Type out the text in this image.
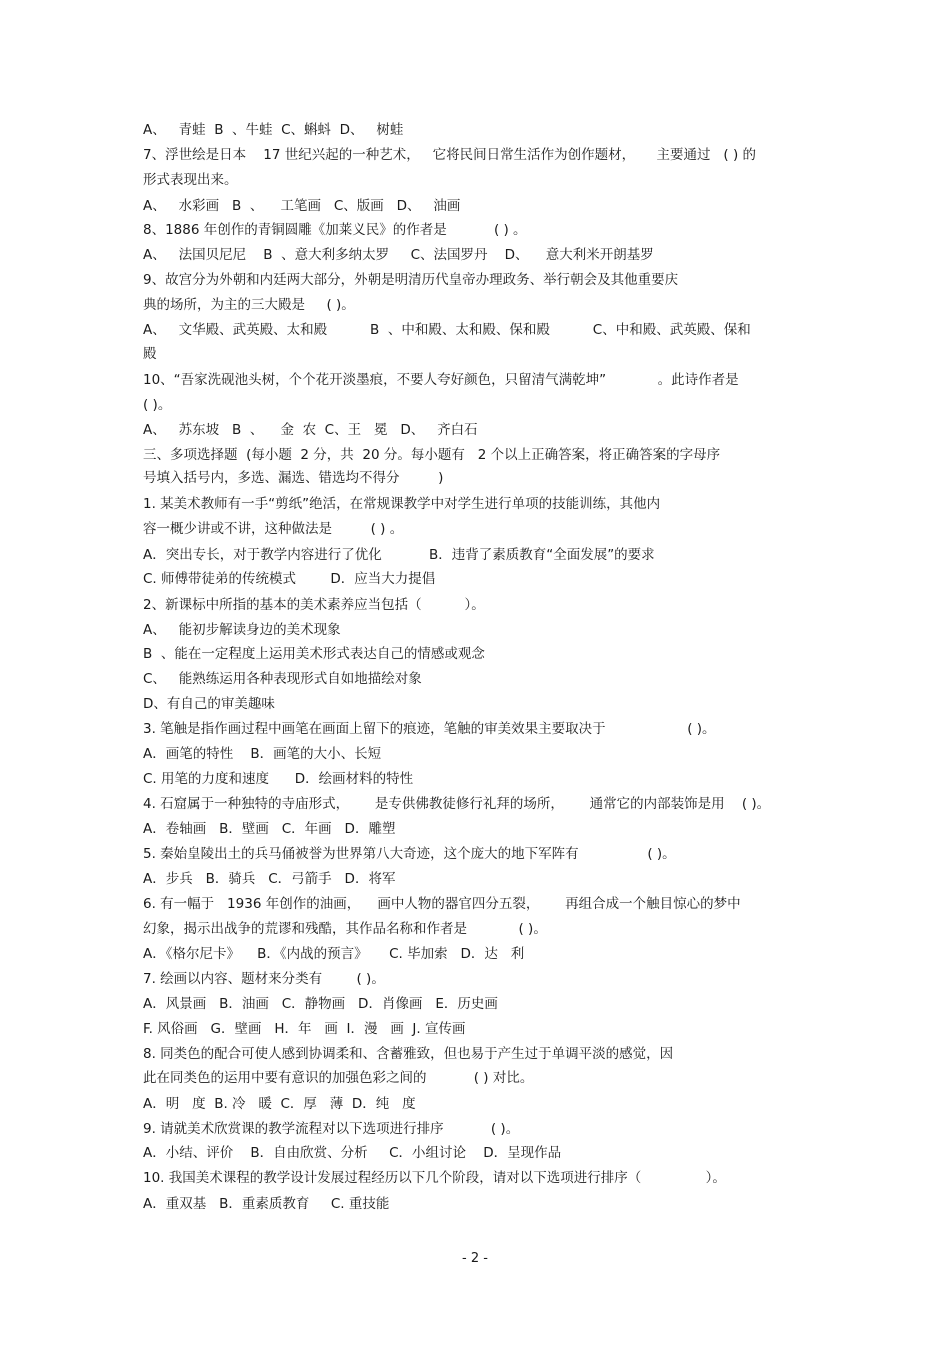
A、   青蛙  B  、牛蛙  C、蝌蚪  D、   树蛙
7、浮世绘是日本    17 世纪兴起的一种艺术，   它将民间日常生活作为创作题材，     主要通过   ( ) 的
形式表现出来。
A、   水彩画   B  、    工笔画   C、版画   D、   油画
8、1886 年创作的青铜圆雕《加莱义民》的作者是           ( ) 。
A、   法国贝尼尼    B  、意大利多纳太罗     C、法国罗丹    D、    意大利米开朗基罗
9、故宫分为外朝和内廷两大部分，外朝是明清历代皇帝办理政务、举行朝会及其他重要庆
典的场所，为主的三大殿是     ( )。
A、   文华殿、武英殿、太和殿          B  、中和殿、太和殿、保和殿          C、中和殿、武英殿、保和
殿
10、“吾家洗砚池头树，个个花开淡墨痕，不要人夸好颜色，只留清气满乾坤”            。此诗作者是
( )。
A、   苏东坡   B  、    金  农  C、王   冕   D、   齐白石
三、多项选择题  (每小题  2 分，共  20 分。每小题有   2 个以上正确答案，将正确答案的字母序
号填入括号内，多选、漏选、错选均不得分         )
1. 某美术教师有一手“剪纸”绝活，在常规课教学中对学生进行单项的技能训练，其他内
容一概少讲或不讲，这种做法是         ( ) 。
A．突出专长，对于教学内容进行了优化           B．违背了素质教育“全面发展”的要求
C. 师傅带徒弟的传统模式        D．应当大力提倡
2、新课标中所指的基本的美术素养应当包括（          ）。
A、   能初步解读身边的美术现象
B  、能在一定程度上运用美术形式表达自己的情感或观念
C、   能熟练运用各种表现形式自如地描绘对象
D、有自己的审美趣味
3. 笔触是指作画过程中画笔在画面上留下的痕迹，笔触的审美效果主要取决于                   ( )。
A．画笔的特性    B．画笔的大小、长短
C. 用笔的力度和速度      D．绘画材料的特性
4. 石窟属于一种独特的寺庙形式，      是专供佛教徒修行礼拜的场所，      通常它的内部装饰是用    ( )。
A．卷轴画   B．壁画   C．年画   D．雕塑
5. 秦始皇陵出土的兵马俑被誉为世界第八大奇迹，这个庞大的地下军阵有                ( )。
A．步兵   B．骑兵   C．弓箭手   D．将军
6. 有一幅于   1936 年创作的油画，    画中人物的器官四分五裂，      再组合成一个触目惊心的梦中
幻象，揭示出战争的荒谬和残酷，其作品名称和作者是            ( )。
A．《格尔尼卡》    B．《内战的预言》     C. 毕加索   D．达   利
7. 绘画以内容、题材来分类有        ( )。
A．风景画   B．油画   C．静物画   D．肖像画   E．历史画
F. 风俗画   G．壁画   H．年   画  I．漫   画  J. 宣传画
8. 同类色的配合可使人感到协调柔和、含蓄雅致，但也易于产生过于单调平淡的感觉，因
此在同类色的运用中要有意识的加强色彩之间的           ( ) 对比。
A．明   度  B. 冷   暖  C．厚   薄  D．纯   度
9. 请就美术欣赏课的教学流程对以下选项进行排序           ( )。
A．小结、评价    B．自由欣赏、分析     C．小组讨论    D．呈现作品
10. 我国美术课程的教学设计发展过程经历以下几个阶段，请对以下选项进行排序（               ）。
A．重双基   B．重素质教育     C. 重技能
- 2 -
